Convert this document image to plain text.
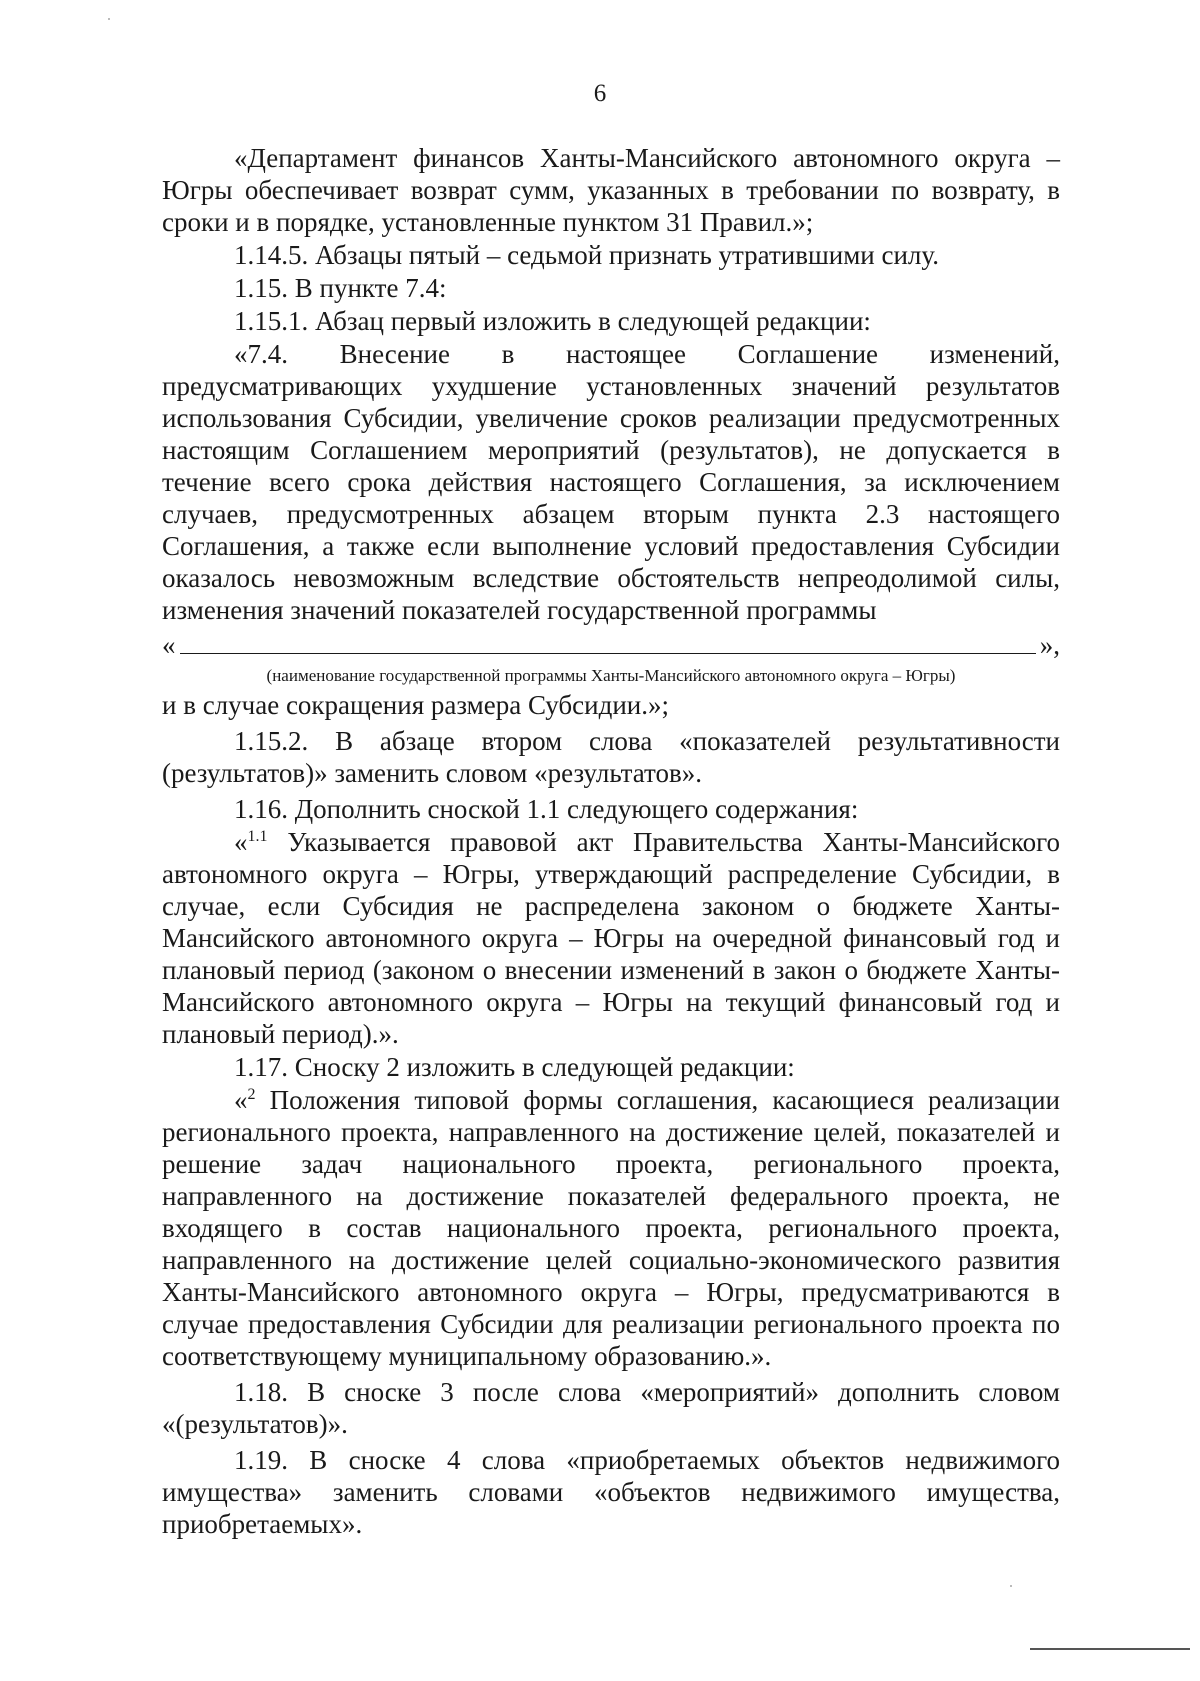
6

«Департамент финансов Ханты-Мансийского автономного округа – Югры обеспечивает возврат сумм, указанных в требовании по возврату, в сроки и в порядке, установленные пунктом 31 Правил.»;

1.14.5. Абзацы пятый – седьмой признать утратившими силу.

1.15. В пункте 7.4:

1.15.1. Абзац первый изложить в следующей редакции:

«7.4. Внесение в настоящее Соглашение изменений, предусматривающих ухудшение установленных значений результатов использования Субсидии, увеличение сроков реализации предусмотренных настоящим Соглашением мероприятий (результатов), не допускается в течение всего срока действия настоящего Соглашения, за исключением случаев, предусмотренных абзацем вторым пункта 2.3 настоящего Соглашения, а также если выполнение условий предоставления Субсидии оказалось невозможным вследствие обстоятельств непреодолимой силы, изменения значений показателей государственной программы

«	»,
(наименование государственной программы Ханты-Мансийского автономного округа – Югры)

и в случае сокращения размера Субсидии.»;

1.15.2. В абзаце втором слова «показателей результативности (результатов)» заменить словом «результатов».

1.16. Дополнить сноской 1.1 следующего содержания:

«$^{1.1}$ Указывается правовой акт Правительства Ханты-Мансийского автономного округа – Югры, утверждающий распределение Субсидии, в случае, если Субсидия не распределена законом о бюджете Ханты-Мансийского автономного округа – Югры на очередной финансовый год и плановый период (законом о внесении изменений в закон о бюджете Ханты-Мансийского автономного округа – Югры на текущий финансовый год и плановый период).».

1.17. Сноску 2 изложить в следующей редакции:

«$^2$ Положения типовой формы соглашения, касающиеся реализации регионального проекта, направленного на достижение целей, показателей и решение задач национального проекта, регионального проекта, направленного на достижение показателей федерального проекта, не входящего в состав национального проекта, регионального проекта, направленного на достижение целей социально-экономического развития Ханты-Мансийского автономного округа – Югры, предусматриваются в случае предоставления Субсидии для реализации регионального проекта по соответствующему муниципальному образованию.».

1.18. В сноске 3 после слова «мероприятий» дополнить словом «(результатов)».

1.19. В сноске 4 слова «приобретаемых объектов недвижимого имущества» заменить словами «объектов недвижимого имущества, приобретаемых».
